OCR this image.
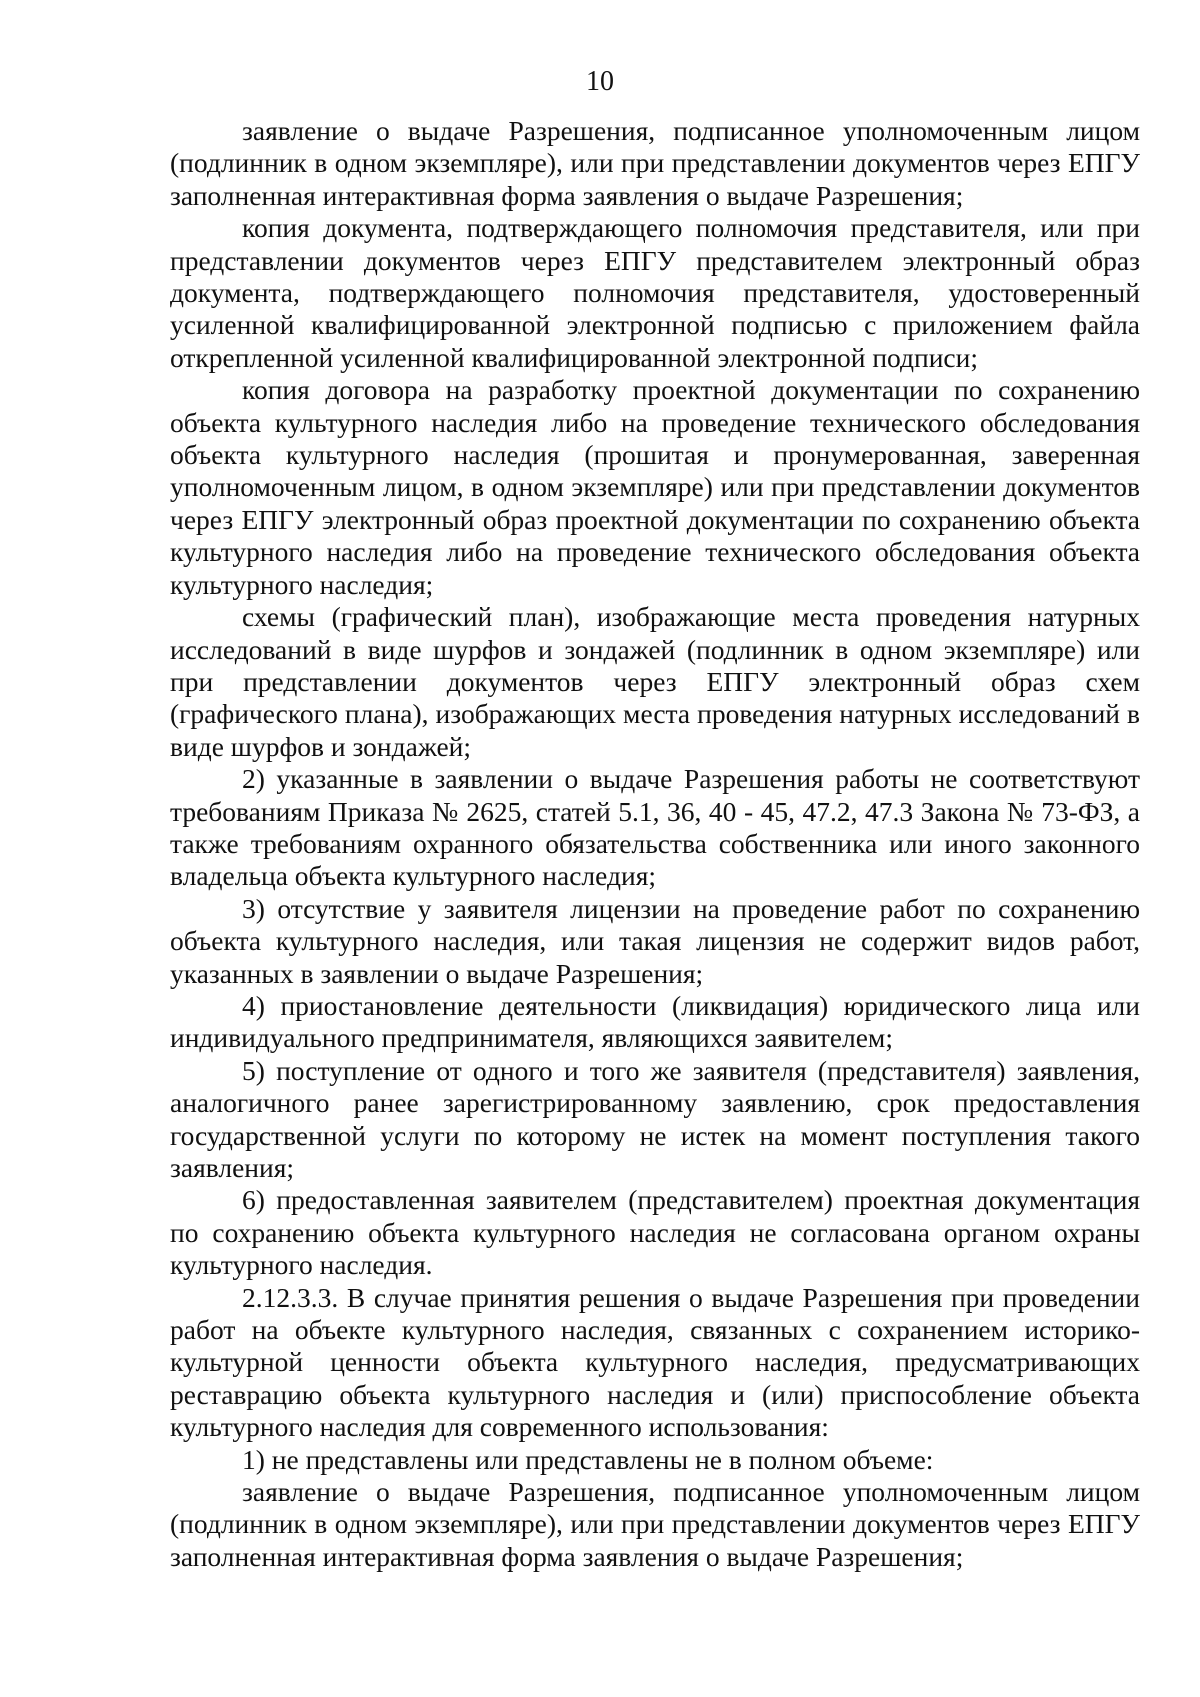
10

заявление о выдаче Разрешения, подписанное уполномоченным лицом (подлинник в одном экземпляре), или при представлении документов через ЕПГУ заполненная интерактивная форма заявления о выдаче Разрешения;

копия документа, подтверждающего полномочия представителя, или при представлении документов через ЕПГУ представителем электронный образ документа, подтверждающего полномочия представителя, удостоверенный усиленной квалифицированной электронной подписью с приложением файла открепленной усиленной квалифицированной электронной подписи;

копия договора на разработку проектной документации по сохранению объекта культурного наследия либо на проведение технического обследования объекта культурного наследия (прошитая и пронумерованная, заверенная уполномоченным лицом, в одном экземпляре) или при представлении документов через ЕПГУ электронный образ проектной документации по сохранению объекта культурного наследия либо на проведение технического обследования объекта культурного наследия;

схемы (графический план), изображающие места проведения натурных исследований в виде шурфов и зондажей (подлинник в одном экземпляре) или при представлении документов через ЕПГУ электронный образ схем (графического плана), изображающих места проведения натурных исследований в виде шурфов и зондажей;

2) указанные в заявлении о выдаче Разрешения работы не соответствуют требованиям Приказа № 2625, статей 5.1, 36, 40 - 45, 47.2, 47.3 Закона № 73-ФЗ, а также требованиям охранного обязательства собственника или иного законного владельца объекта культурного наследия;

3) отсутствие у заявителя лицензии на проведение работ по сохранению объекта культурного наследия, или такая лицензия не содержит видов работ, указанных в заявлении о выдаче Разрешения;

4) приостановление деятельности (ликвидация) юридического лица или индивидуального предпринимателя, являющихся заявителем;

5) поступление от одного и того же заявителя (представителя) заявления, аналогичного ранее зарегистрированному заявлению, срок предоставления государственной услуги по которому не истек на момент поступления такого заявления;

6) предоставленная заявителем (представителем) проектная документация по сохранению объекта культурного наследия не согласована органом охраны культурного наследия.

2.12.3.3. В случае принятия решения о выдаче Разрешения при проведении работ на объекте культурного наследия, связанных с сохранением историко-культурной ценности объекта культурного наследия, предусматривающих реставрацию объекта культурного наследия и (или) приспособление объекта культурного наследия для современного использования:

1) не представлены или представлены не в полном объеме:

заявление о выдаче Разрешения, подписанное уполномоченным лицом (подлинник в одном экземпляре), или при представлении документов через ЕПГУ заполненная интерактивная форма заявления о выдаче Разрешения;
